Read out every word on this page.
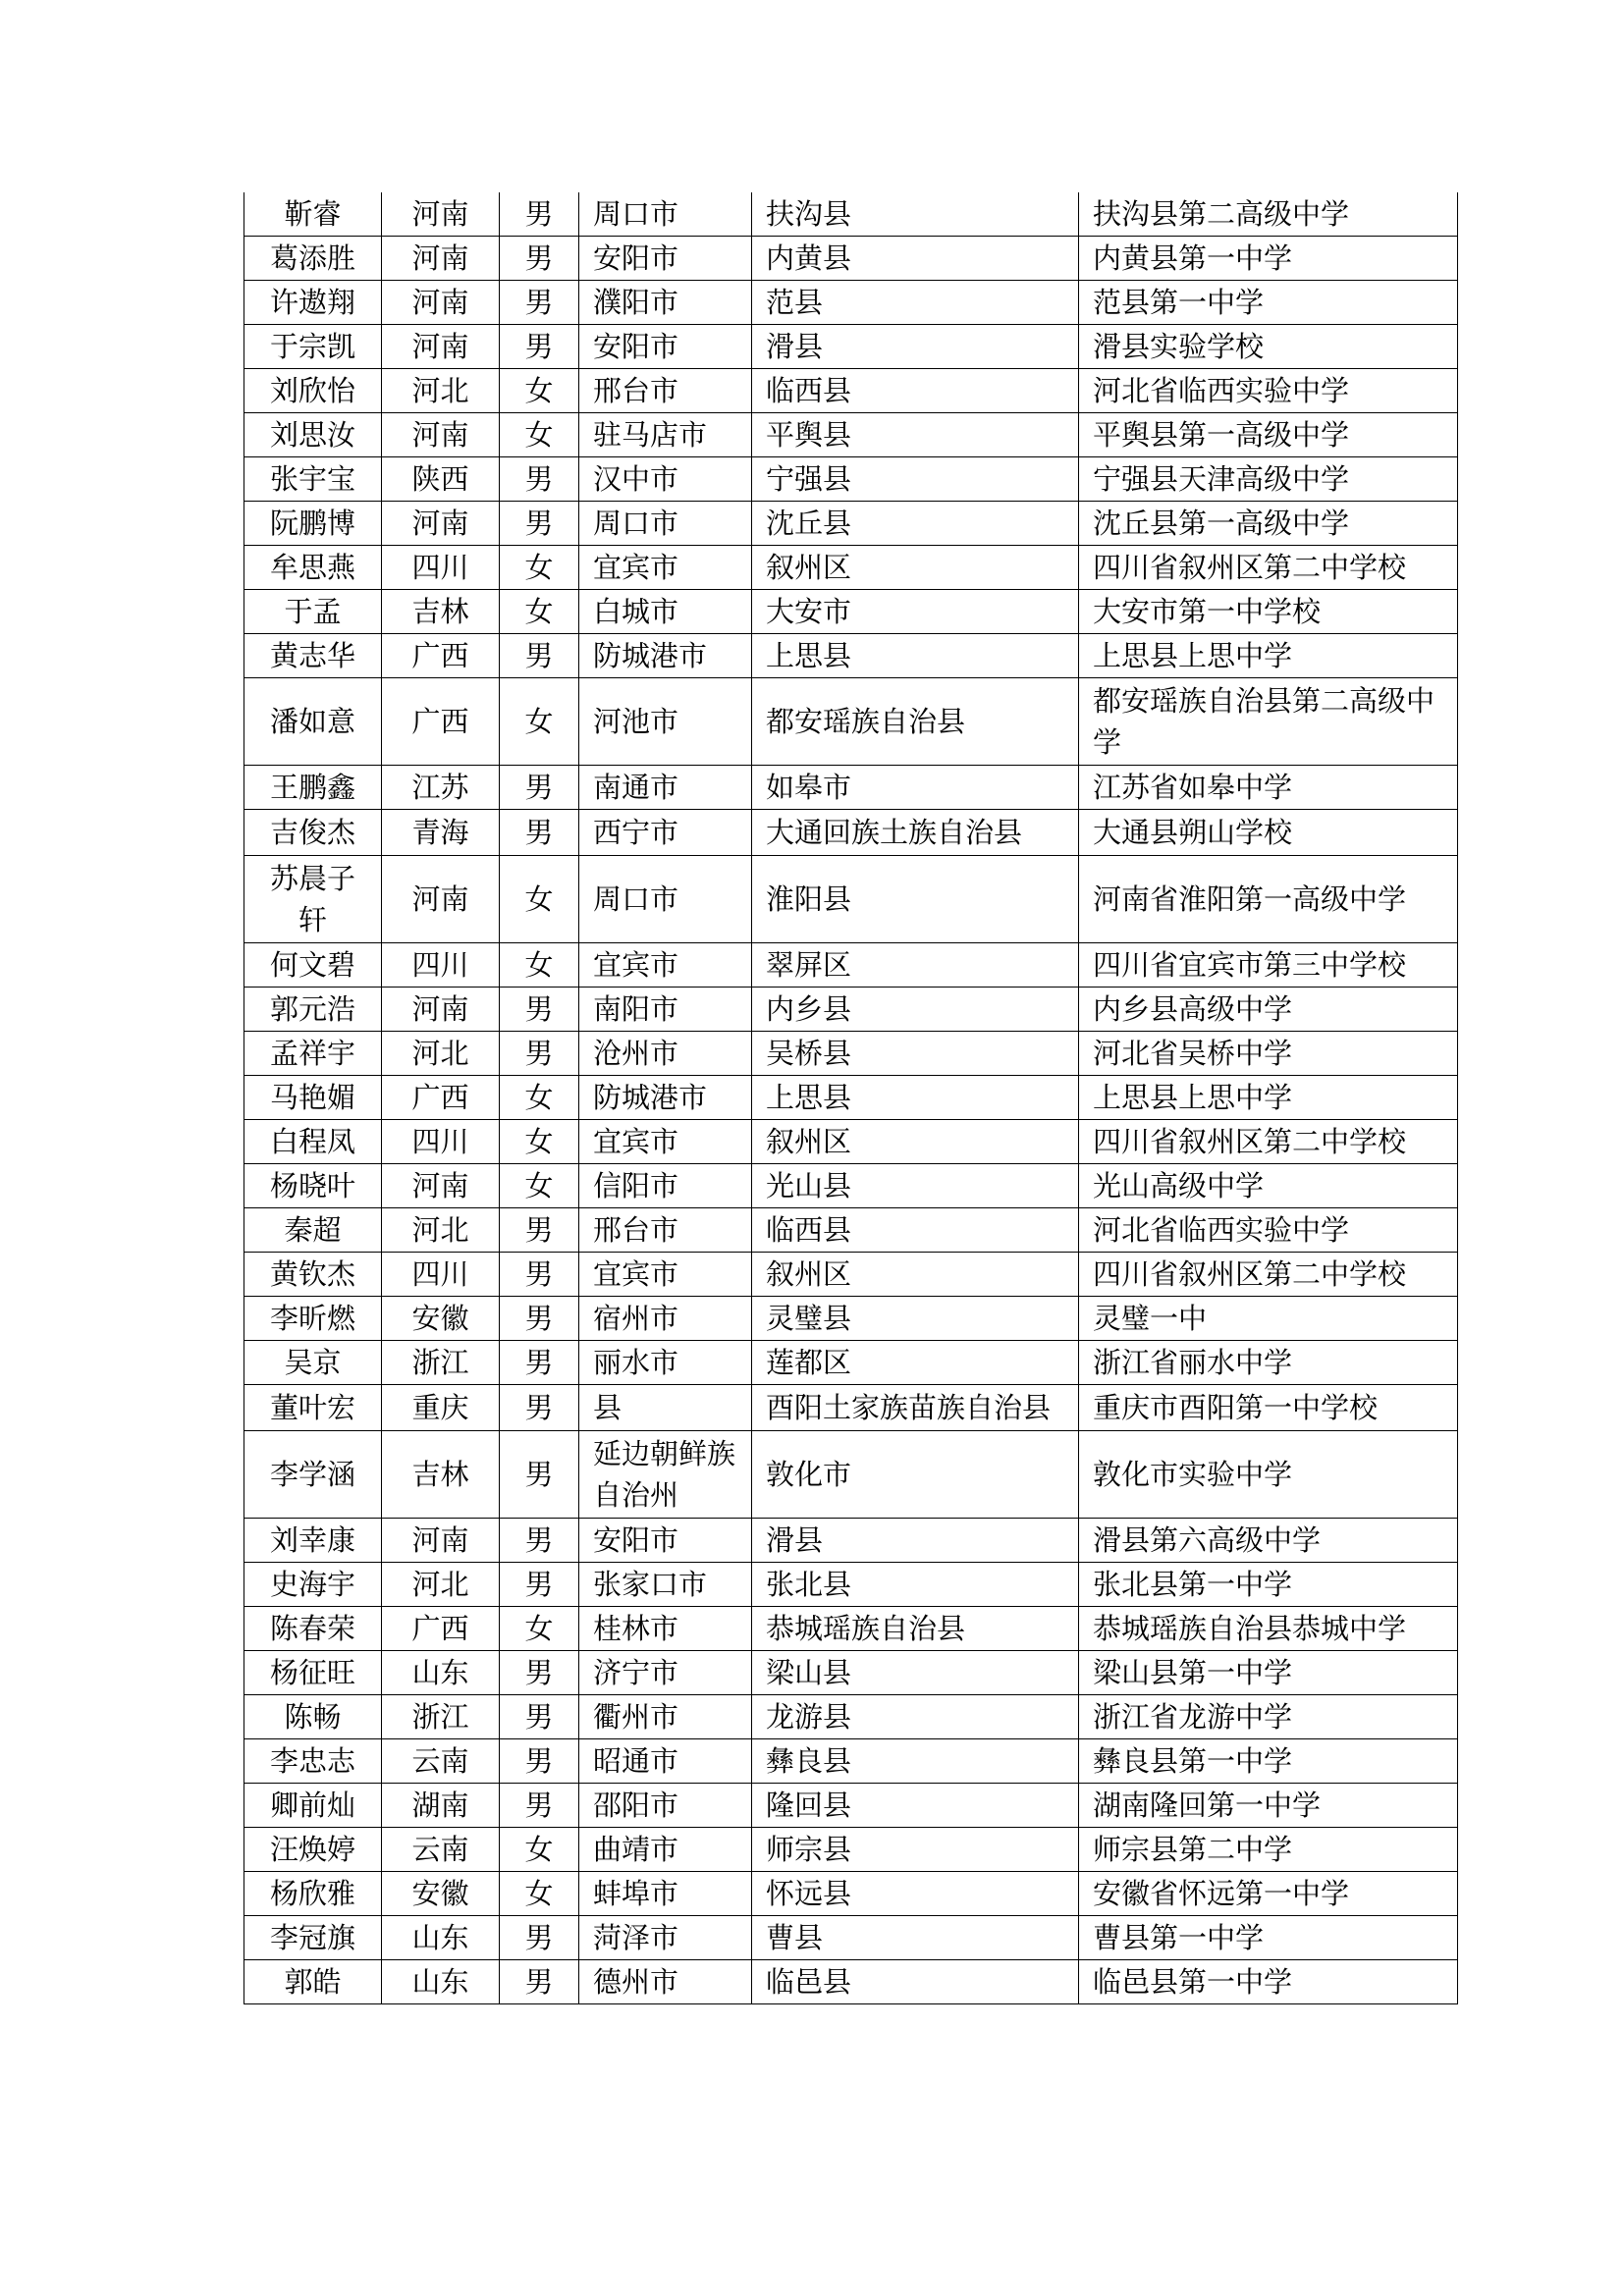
靳睿	河南	男	周口市	扶沟县	扶沟县第二高级中学
葛添胜	河南	男	安阳市	内黄县	内黄县第一中学
许遨翔	河南	男	濮阳市	范县	范县第一中学
于宗凯	河南	男	安阳市	滑县	滑县实验学校
刘欣怡	河北	女	邢台市	临西县	河北省临西实验中学
刘思汝	河南	女	驻马店市	平舆县	平舆县第一高级中学
张宇宝	陕西	男	汉中市	宁强县	宁强县天津高级中学
阮鹏博	河南	男	周口市	沈丘县	沈丘县第一高级中学
牟思燕	四川	女	宜宾市	叙州区	四川省叙州区第二中学校
于孟	吉林	女	白城市	大安市	大安市第一中学校
黄志华	广西	男	防城港市	上思县	上思县上思中学
潘如意	广西	女	河池市	都安瑶族自治县	都安瑶族自治县第二高级中学
王鹏鑫	江苏	男	南通市	如皋市	江苏省如皋中学
吉俊杰	青海	男	西宁市	大通回族土族自治县	大通县朔山学校
苏晨子轩	河南	女	周口市	淮阳县	河南省淮阳第一高级中学
何文碧	四川	女	宜宾市	翠屏区	四川省宜宾市第三中学校
郭元浩	河南	男	南阳市	内乡县	内乡县高级中学
孟祥宇	河北	男	沧州市	吴桥县	河北省吴桥中学
马艳媚	广西	女	防城港市	上思县	上思县上思中学
白程凤	四川	女	宜宾市	叙州区	四川省叙州区第二中学校
杨晓叶	河南	女	信阳市	光山县	光山高级中学
秦超	河北	男	邢台市	临西县	河北省临西实验中学
黄钦杰	四川	男	宜宾市	叙州区	四川省叙州区第二中学校
李昕燃	安徽	男	宿州市	灵璧县	灵璧一中
吴京	浙江	男	丽水市	莲都区	浙江省丽水中学
董叶宏	重庆	男	县	酉阳土家族苗族自治县	重庆市酉阳第一中学校
李学涵	吉林	男	延边朝鲜族自治州	敦化市	敦化市实验中学
刘幸康	河南	男	安阳市	滑县	滑县第六高级中学
史海宇	河北	男	张家口市	张北县	张北县第一中学
陈春荣	广西	女	桂林市	恭城瑶族自治县	恭城瑶族自治县恭城中学
杨征旺	山东	男	济宁市	梁山县	梁山县第一中学
陈畅	浙江	男	衢州市	龙游县	浙江省龙游中学
李忠志	云南	男	昭通市	彝良县	彝良县第一中学
卿前灿	湖南	男	邵阳市	隆回县	湖南隆回第一中学
汪焕婷	云南	女	曲靖市	师宗县	师宗县第二中学
杨欣雅	安徽	女	蚌埠市	怀远县	安徽省怀远第一中学
李冠旗	山东	男	菏泽市	曹县	曹县第一中学
郭皓	山东	男	德州市	临邑县	临邑县第一中学
